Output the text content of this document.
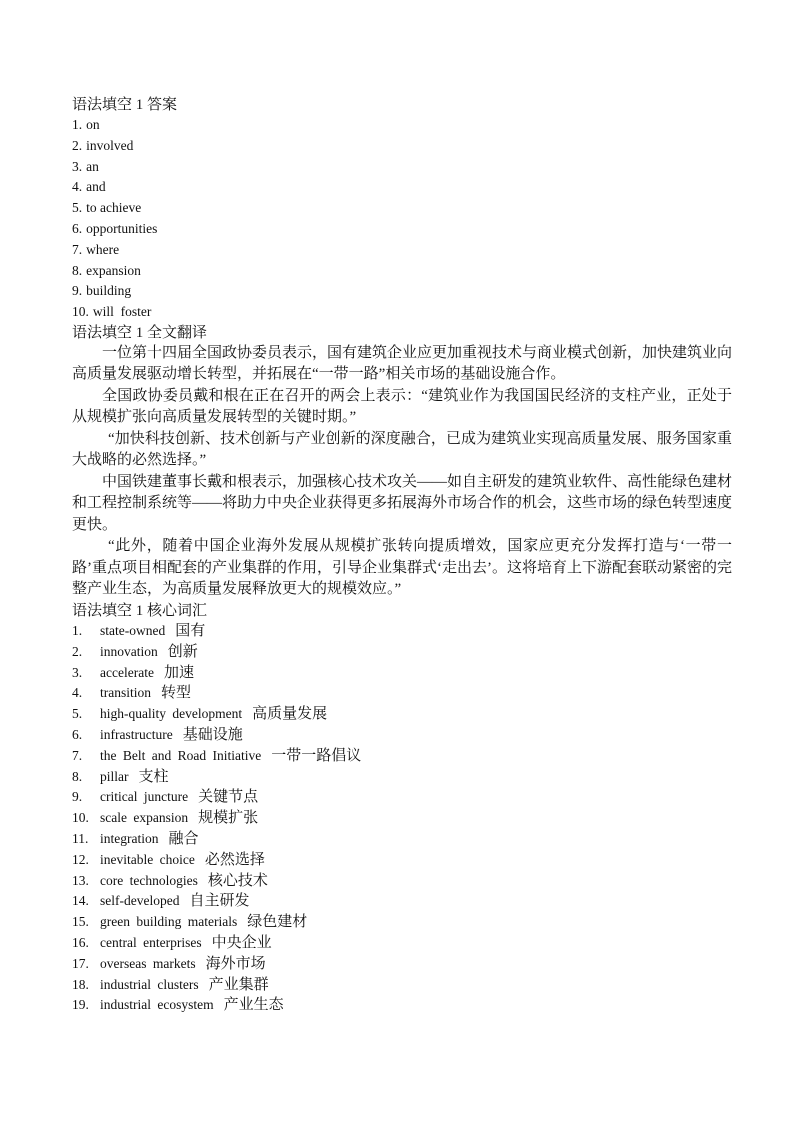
语法填空 1 答案
1. on
2. involved
3. an
4. and
5. to achieve
6. opportunities
7. where
8. expansion
9. building
10. will  foster
语法填空 1 全文翻译

一位第十四届全国政协委员表示，国有建筑企业应更加重视技术与商业模式创新，加快建筑业向高质量发展驱动增长转型，并拓展在“一带一路”相关市场的基础设施合作。

全国政协委员戴和根在正在召开的两会上表示：“建筑业作为我国国民经济的支柱产业，正处于从规模扩张向高质量发展转型的关键时期。”

“加快科技创新、技术创新与产业创新的深度融合，已成为建筑业实现高质量发展、服务国家重大战略的必然选择。”

中国铁建董事长戴和根表示，加强核心技术攻关——如自主研发的建筑业软件、高性能绿色建材和工程控制系统等——将助力中央企业获得更多拓展海外市场合作的机会，这些市场的绿色转型速度更快。

“此外，随着中国企业海外发展从规模扩张转向提质增效，国家应更充分发挥打造与‘一带一路’重点项目相配套的产业集群的作用，引导企业集群式‘走出去’。这将培育上下游配套联动紧密的完整产业生态，为高质量发展释放更大的规模效应。”

语法填空 1 核心词汇
1.	state-owned 国有
2.	innovation 创新
3.	accelerate 加速
4.	transition 转型
5.	high-quality development 高质量发展
6.	infrastructure 基础设施
7.	the Belt and Road Initiative 一带一路倡议
8.	pillar 支柱
9.	critical juncture 关键节点
10. scale expansion 规模扩张
11. integration 融合
12. inevitable choice 必然选择
13. core technologies 核心技术
14. self-developed 自主研发
15. green building materials 绿色建材
16. central enterprises 中央企业
17. overseas markets 海外市场
18. industrial clusters 产业集群
19. industrial ecosystem 产业生态
